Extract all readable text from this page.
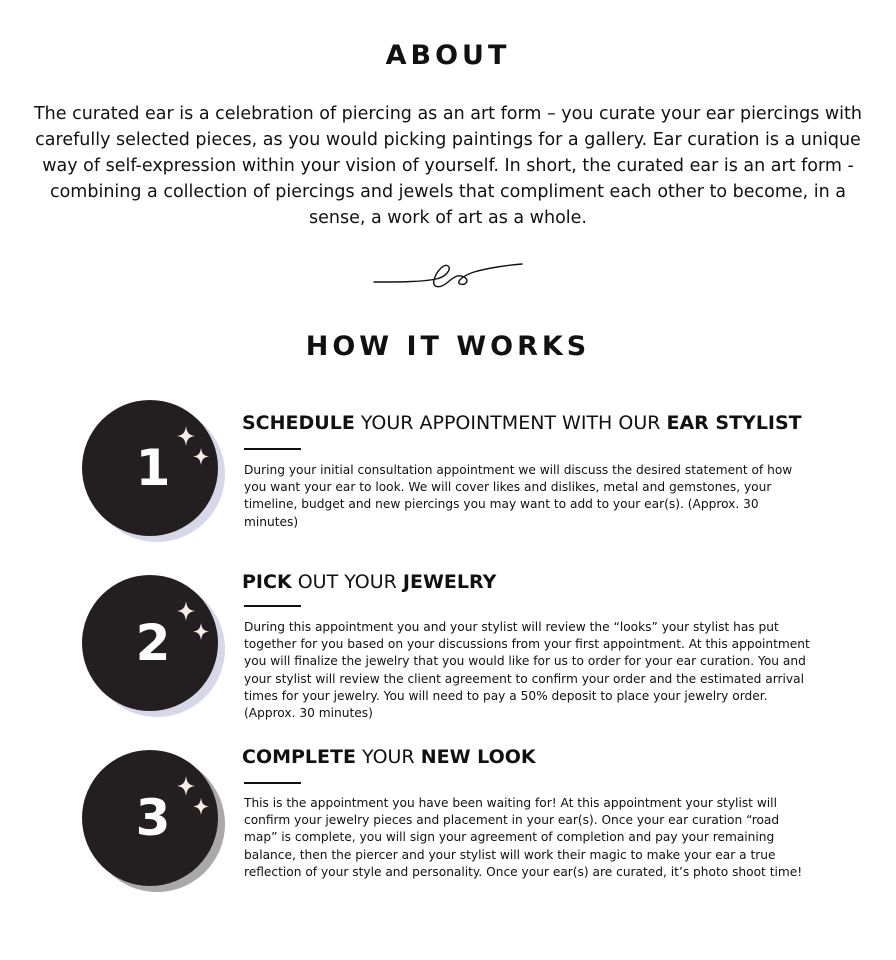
ABOUT

The curated ear is a celebration of piercing as an art form – you curate your ear piercings with carefully selected pieces, as you would picking paintings for a gallery. Ear curation is a unique way of self-expression within your vision of yourself. In short, the curated ear is an art form - combining a collection of piercings and jewels that compliment each other to become, in a sense, a work of art as a whole.

HOW IT WORKS
1

SCHEDULE YOUR APPOINTMENT WITH OUR EAR STYLIST

During your initial consultation appointment we will discuss the desired statement of how you want your ear to look. We will cover likes and dislikes, metal and gemstones, your timeline, budget and new piercings you may want to add to your ear(s). (Approx. 30 minutes)

2

PICK OUT YOUR JEWELRY

During this appointment you and your stylist will review the “looks” your stylist has put together for you based on your discussions from your first appointment. At this appointment you will finalize the jewelry that you would like for us to order for your ear curation. You and your stylist will review the client agreement to confirm your order and the estimated arrival times for your jewelry. You will need to pay a 50% deposit to place your jewelry order. (Approx. 30 minutes)

3

COMPLETE YOUR NEW LOOK

This is the appointment you have been waiting for! At this appointment your stylist will confirm your jewelry pieces and placement in your ear(s). Once your ear curation “road map” is complete, you will sign your agreement of completion and pay your remaining balance, then the piercer and your stylist will work their magic to make your ear a true reflection of your style and personality. Once your ear(s) are curated, it’s photo shoot time!
